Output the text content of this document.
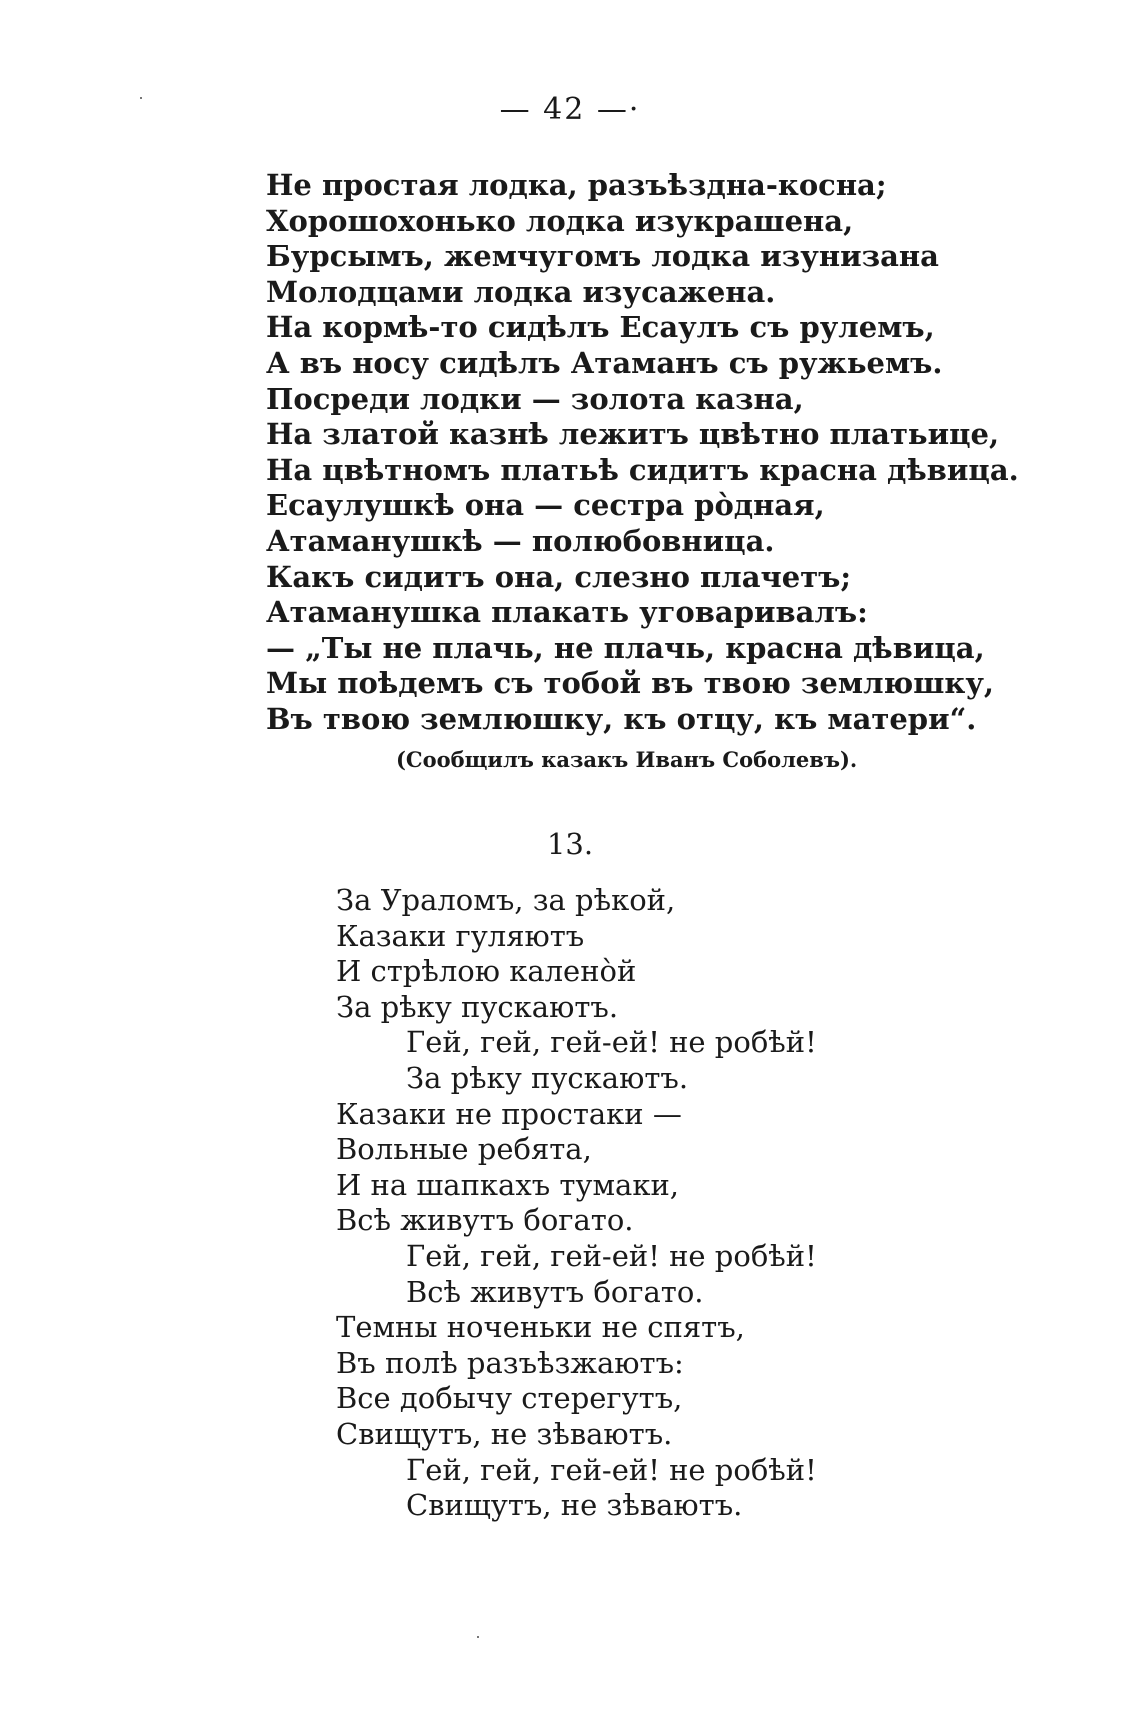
— 42 —·
Не простая лодка, разъѣздна-косна;
Хорошохонько лодка изукрашена,
Бурсымъ, жемчугомъ лодка изунизана
Молодцами лодка изусажена.
На кормѣ-то сидѣлъ Есаулъ съ рулемъ,
А въ носу сидѣлъ Атаманъ съ ружьемъ.
Посреди лодки — золота казна,
На златой казнѣ лежитъ цвѣтно платьице,
На цвѣтномъ платьѣ сидитъ красна дѣвица.
Есаулушкѣ она — сестра рòдная,
Атаманушкѣ — полюбовница.
Какъ сидитъ она, слезно плачетъ;
Атаманушка плакать уговаривалъ:
— „Ты не плачь, не плачь, красна дѣвица,
Мы поѣдемъ съ тобой въ твою землюшку,
Въ твою землюшку, къ отцу, къ матери“.
(Сообщилъ казакъ Иванъ Соболевъ).
13.
За Ураломъ, за рѣкой,
Казаки гуляютъ
И стрѣлою каленòй
За рѣку пускаютъ.
Гей, гей, гей-ей! не робѣй!
За рѣку пускаютъ.
Казаки не простаки —
Вольные ребята,
И на шапкахъ тумаки,
Всѣ живутъ богато.
Гей, гей, гей-ей! не робѣй!
Всѣ живутъ богато.
Темны ноченьки не спятъ,
Въ полѣ разъѣзжаютъ:
Все добычу стерегутъ,
Свищутъ, не зѣваютъ.
Гей, гей, гей-ей! не робѣй!
Свищутъ, не зѣваютъ.
